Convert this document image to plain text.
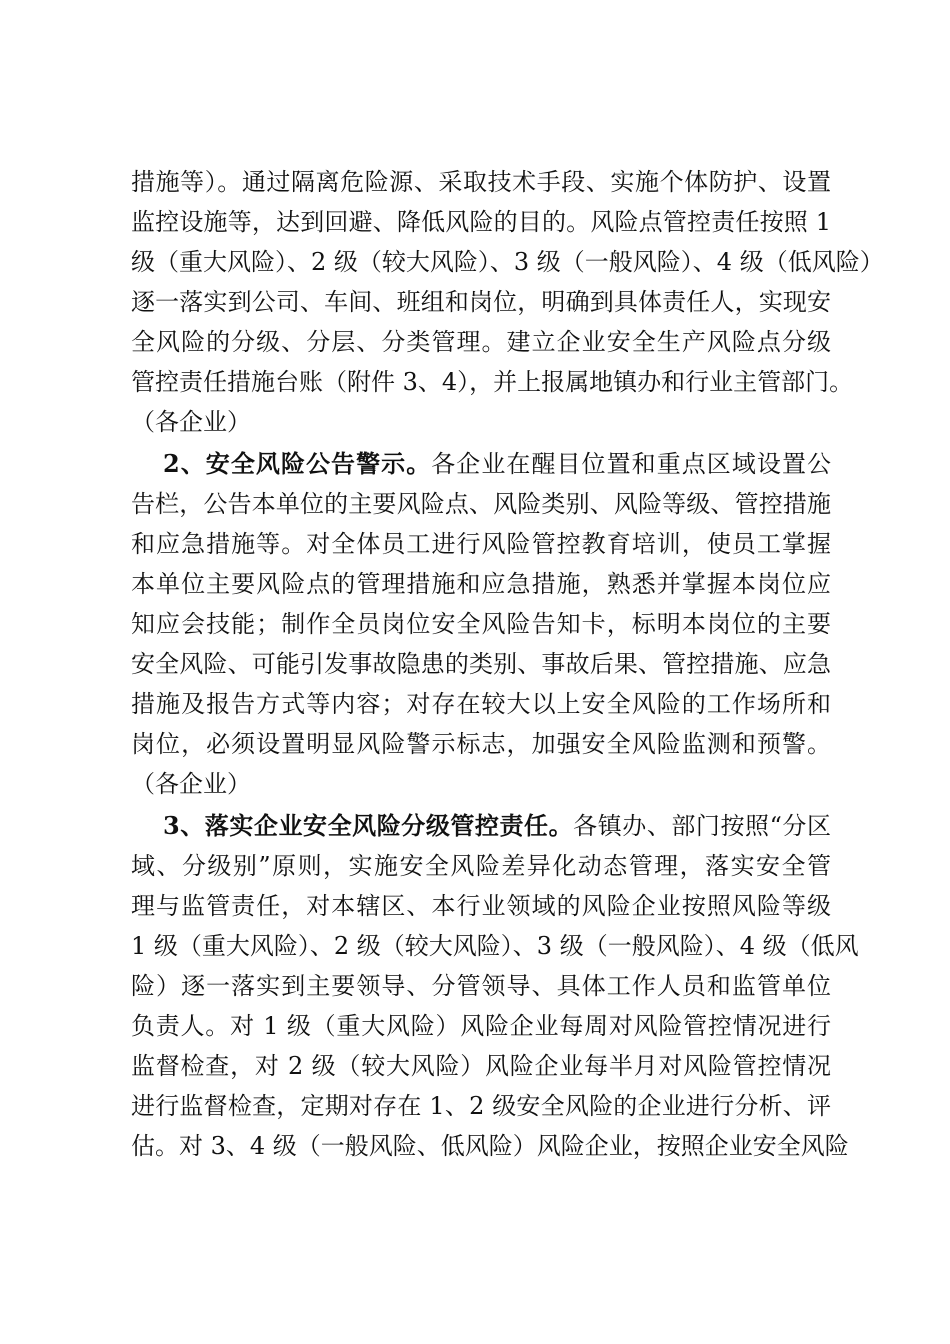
措施等）。通过隔离危险源、采取技术手段、实施个体防护、设置
监控设施等，达到回避、降低风险的目的。风险点管控责任按照 1
级（重大风险）、2 级（较大风险）、3 级（一般风险）、4 级（低风险）
逐一落实到公司、车间、班组和岗位，明确到具体责任人，实现安
全风险的分级、分层、分类管理。建立企业安全生产风险点分级
管控责任措施台账（附件 3、4），并上报属地镇办和行业主管部门。
（各企业）
2、安全风险公告警示。各企业在醒目位置和重点区域设置公
告栏，公告本单位的主要风险点、风险类别、风险等级、管控措施
和应急措施等。对全体员工进行风险管控教育培训，使员工掌握
本单位主要风险点的管理措施和应急措施，熟悉并掌握本岗位应
知应会技能；制作全员岗位安全风险告知卡，标明本岗位的主要
安全风险、可能引发事故隐患的类别、事故后果、管控措施、应急
措施及报告方式等内容；对存在较大以上安全风险的工作场所和
岗位，必须设置明显风险警示标志，加强安全风险监测和预警。
（各企业）
3、落实企业安全风险分级管控责任。各镇办、部门按照“分区
域、分级别”原则，实施安全风险差异化动态管理，落实安全管
理与监管责任，对本辖区、本行业领域的风险企业按照风险等级
1 级（重大风险）、2 级（较大风险）、3 级（一般风险）、4 级（低风
险）逐一落实到主要领导、分管领导、具体工作人员和监管单位
负责人。对 1 级（重大风险）风险企业每周对风险管控情况进行
监督检查，对 2 级（较大风险）风险企业每半月对风险管控情况
进行监督检查，定期对存在 1、2 级安全风险的企业进行分析、评
估。对 3、4 级（一般风险、低风险）风险企业，按照企业安全风险
